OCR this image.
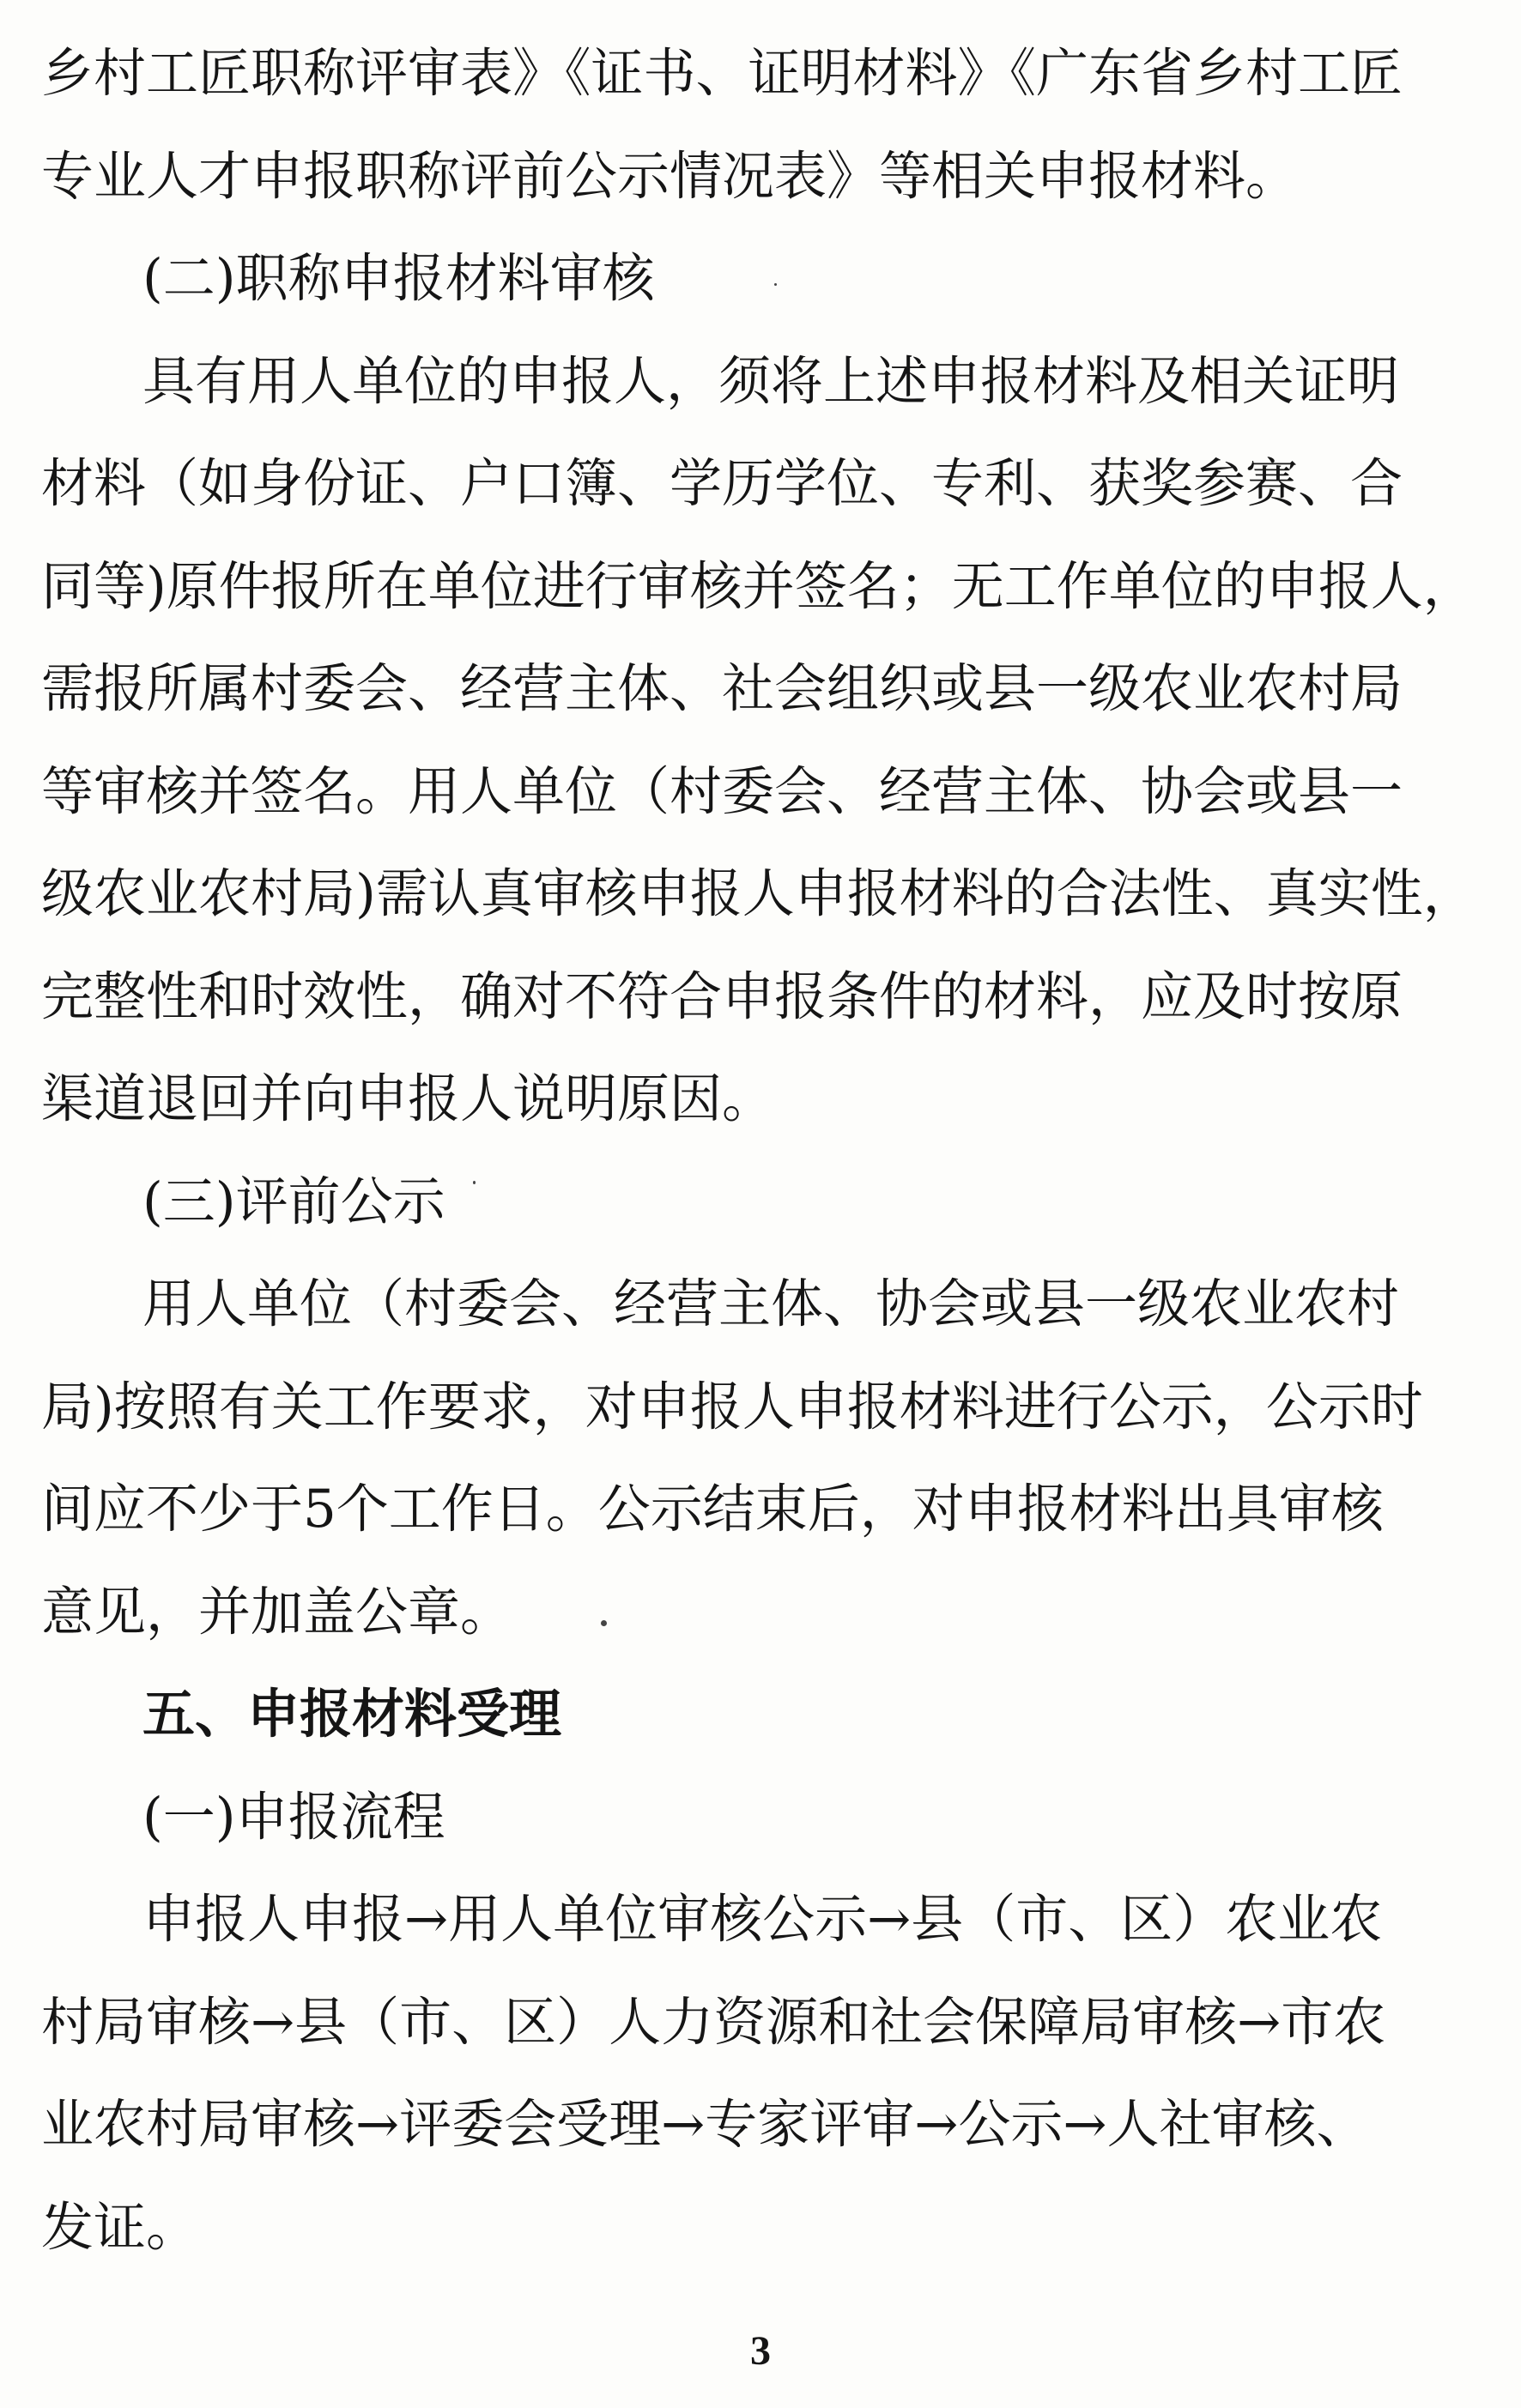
乡村工匠职称评审表》《证书、证明材料》《广东省乡村工匠
专业人才申报职称评前公示情况表》等相关申报材料。
(二)职称申报材料审核
具有用人单位的申报人，须将上述申报材料及相关证明
材料（如身份证、户口簿、学历学位、专利、获奖参赛、合
同等)原件报所在单位进行审核并签名；无工作单位的申报人，
需报所属村委会、经营主体、社会组织或县一级农业农村局
等审核并签名。用人单位（村委会、经营主体、协会或县一
级农业农村局)需认真审核申报人申报材料的合法性、真实性，
完整性和时效性，确对不符合申报条件的材料，应及时按原
渠道退回并向申报人说明原因。
(三)评前公示
用人单位（村委会、经营主体、协会或县一级农业农村
局)按照有关工作要求，对申报人申报材料进行公示，公示时
间应不少于5个工作日。公示结束后，对申报材料出具审核
意见，并加盖公章。
五、申报材料受理
(一)申报流程
申报人申报→用人单位审核公示→县（市、区）农业农
村局审核→县（市、区）人力资源和社会保障局审核→市农
业农村局审核→评委会受理→专家评审→公示→人社审核、
发证。
3
